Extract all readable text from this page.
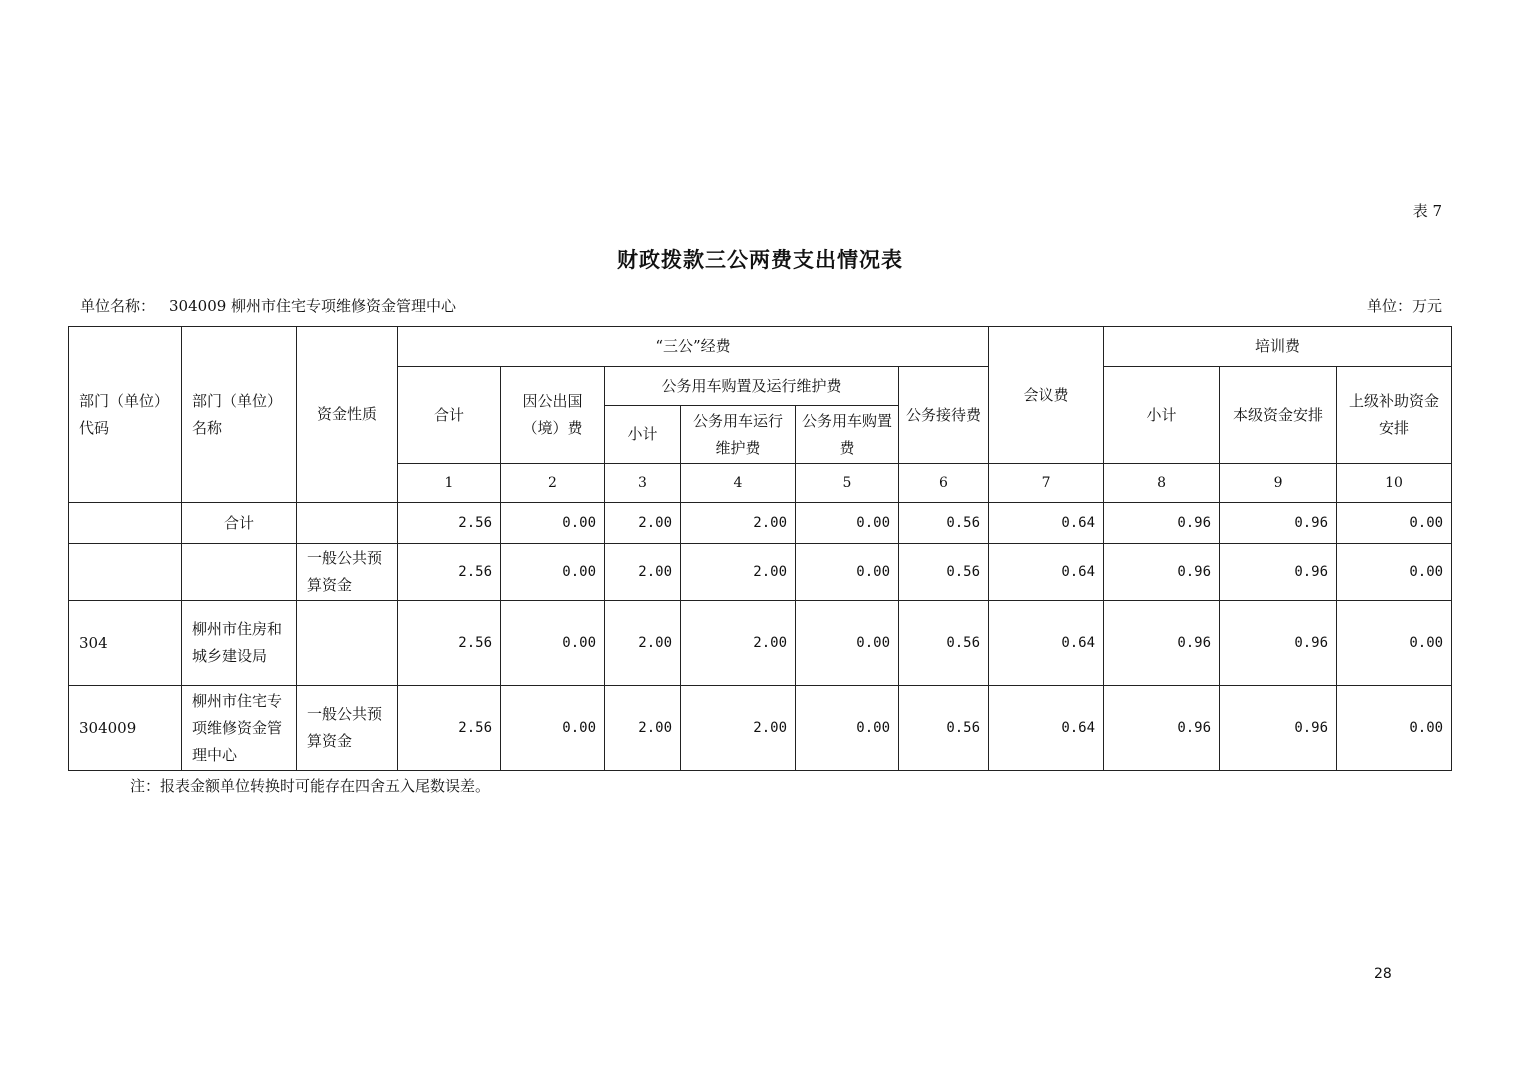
表 7
财政拨款三公两费支出情况表
单位名称： 304009 柳州市住宅专项维修资金管理中心	单位：万元
部门（单位）代码	部门（单位）名称	资金性质	“三公”经费						会议费	培训费		
			合计	因公出国（境）费	公务用车购置及运行维护费			公务接待费		小计	本级资金安排	上级补助资金安排
					小计	公务用车运行维护费	公务用车购置费					
			1	2	3	4	5	6	7	8	9	10
	合计		2.56	0.00	2.00	2.00	0.00	0.56	0.64	0.96	0.96	0.00
		一般公共预算资金	2.56	0.00	2.00	2.00	0.00	0.56	0.64	0.96	0.96	0.00
304	柳州市住房和城乡建设局		2.56	0.00	2.00	2.00	0.00	0.56	0.64	0.96	0.96	0.00
304009	柳州市住宅专项维修资金管理中心	一般公共预算资金	2.56	0.00	2.00	2.00	0.00	0.56	0.64	0.96	0.96	0.00
注：报表金额单位转换时可能存在四舍五入尾数误差。
28
